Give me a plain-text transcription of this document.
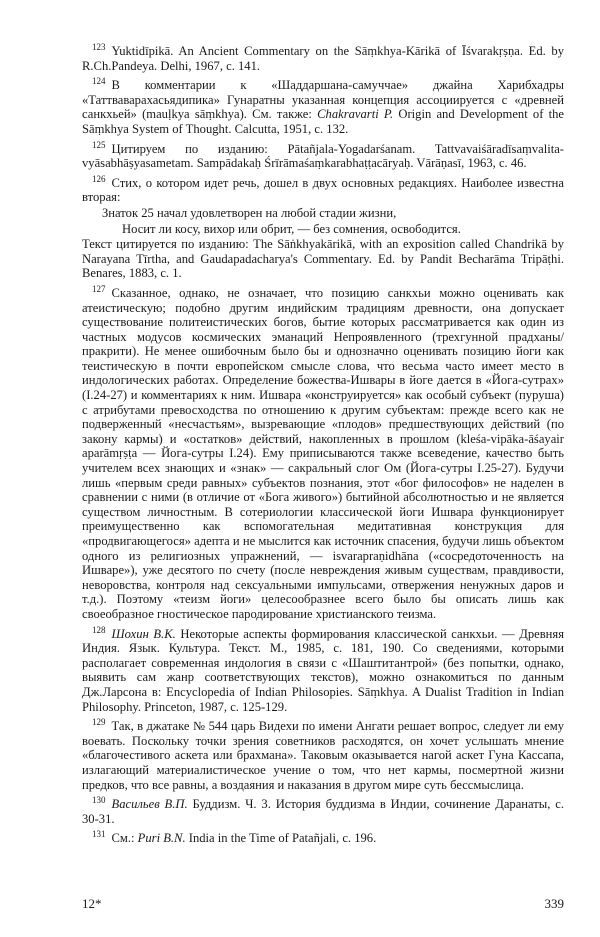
$^{123}$ Yuktidīpikā. An Ancient Commentary on the Sāṃkhya-Kārikā of Īśvarakṛṣṇa. Ed. by R.Ch.Pandeya. Delhi, 1967, с. 141.

$^{124}$ В комментарии к «Шаддаршана-самуччае» джайна Харибхадры «Таттваварахасьядипика» Гунаратны указанная концепция ассоциируется с «древней санкхьей» (mauḷkya sāṃkhya). См. также: Chakravarti P. Origin and Development of the Sāṃkhya System of Thought. Calcutta, 1951, с. 132.

$^{125}$ Цитируем по изданию: Pātañjala-Yogadarśanam. Tattvavaiśāradīsaṃvalita-vyāsabhāṣyasametam. Sampādakaḥ Śrīrāmaśaṃkarabhaṭṭacāryaḥ. Vārāṇasī, 1963, с. 46.

$^{126}$ Стих, о котором идет речь, дошел в двух основных редакциях. Наиболее известна вторая:

Знаток 25 начал удовлетворен на любой стадии жизни,

Носит ли косу, вихор или обрит, — без сомнения, освободится.

Текст цитируется по изданию: The Sāṅkhyakārikā, with an exposition called Chandrikā by Narayana Tīrtha, and Gaudapadacharya's Commentary. Ed. by Pandit Becharāma Tripāṭhi. Benares, 1883, с. 1.

$^{127}$ Сказанное, однако, не означает, что позицию санкхьи можно оценивать как атеистическую; подобно другим индийским традициям древности, она допускает существование политеистических богов, бытие которых рассматривается как один из частных модусов космических эманаций Непроявленного (трехгунной прадханы/пракрити). Не менее ошибочным было бы и однозначно оценивать позицию йоги как теистическую в почти европейском смысле слова, что весьма часто имеет место в индологических работах. Определение божества-Ишвары в йоге дается в «Йога-сутрах» (I.24-27) и комментариях к ним. Ишвара «конструируется» как особый субъект (пуруша) с атрибутами превосходства по отношению к другим субъектам: прежде всего как не подверженный «несчастьям», вызревающие «плодов» предшествующих действий (по закону кармы) и «остатков» действий, накопленных в прошлом (kleśa-vipāka-āśayair aparāmṛṣṭa — Йога-сутры I.24). Ему приписываются также всеведение, качество быть учителем всех знающих и «знак» — сакральный слог Ом (Йога-сутры I.25-27). Будучи лишь «первым среди равных» субъектов познания, этот «бог философов» не наделен в сравнении с ними (в отличие от «Бога живого») бытийной абсолютностью и не является существом личностным. В сотериологии классической йоги Ишвара функционирует преимущественно как вспомогательная медитативная конструкция для «продвигающегося» адепта и не мыслится как источник спасения, будучи лишь объектом одного из религиозных упражнений, — isvarapraṇidhāna («сосредоточенность на Ишваре»), уже десятого по счету (после невреждения живым существам, правдивости, неворовства, контроля над сексуальными импульсами, отвержения ненужных даров и т.д.). Поэтому «теизм йоги» целесообразнее всего было бы описать лишь как своеобразное гностическое пародирование христианского теизма.

$^{128}$ Шохин В.К. Некоторые аспекты формирования классической санкхьи. — Древняя Индия. Язык. Культура. Текст. М., 1985, с. 181, 190. Со сведениями, которыми располагает современная индология в связи с «Шаштитантрой» (без попытки, однако, выявить сам жанр соответствующих текстов), можно ознакомиться по данным Дж.Ларсона в: Encyclopedia of Indian Philosopies. Sāṃkhya. A Dualist Tradition in Indian Philosophy. Princeton, 1987, с. 125-129.

$^{129}$ Так, в джатаке № 544 царь Видехи по имени Ангати решает вопрос, следует ли ему воевать. Поскольку точки зрения советников расходятся, он хочет услышать мнение «благочестивого аскета или брахмана». Таковым оказывается нагой аскет Гуна Кассапа, излагающий материалистическое учение о том, что нет кармы, посмертной жизни предков, что все равны, а воздаяния и наказания в другом мире суть бессмыслица.

$^{130}$ Васильев В.П. Буддизм. Ч. 3. История буддизма в Индии, сочинение Даранаты, с. 30-31.

$^{131}$ См.: Puri B.N. India in the Time of Patañjali, с. 196.

12*	339
